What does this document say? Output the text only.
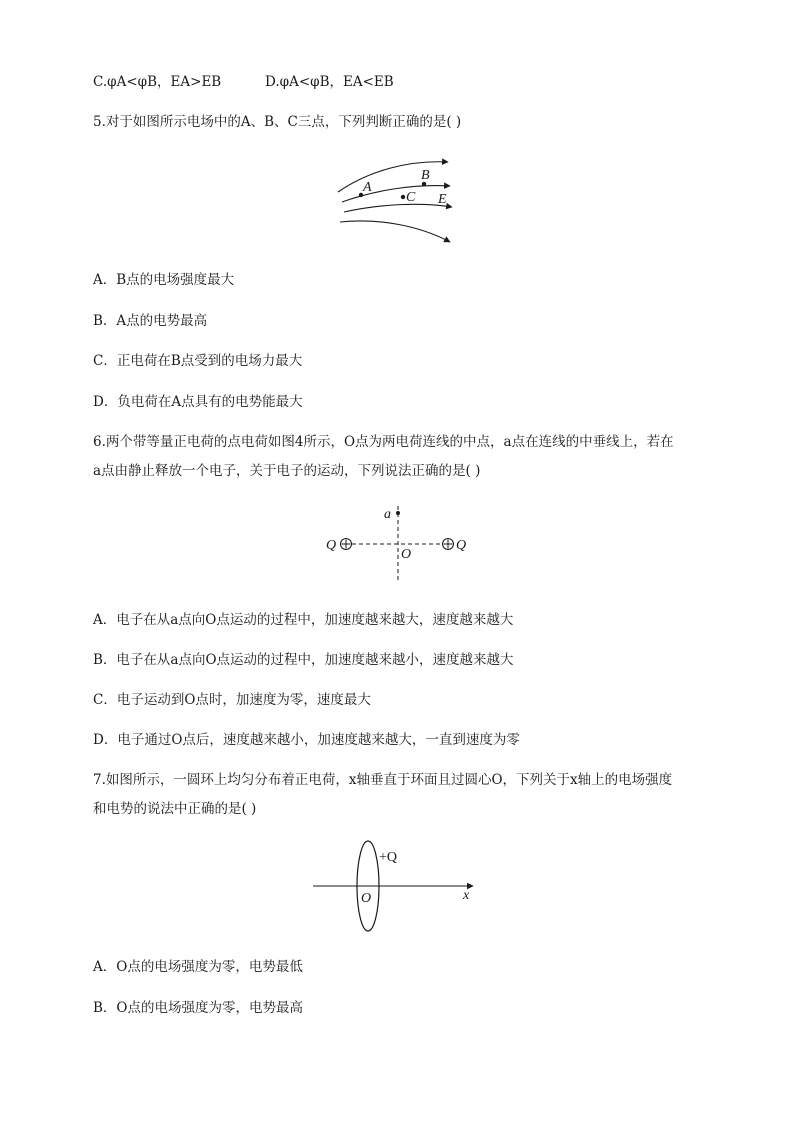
C.φA<φB，EA>EB	D.φA<φB，EA<EB
5.对于如图所示电场中的A、B、C三点，下列判断正确的是( )
A
B
C E
A．B点的电场强度最大
B．A点的电势最高
C．正电荷在B点受到的电场力最大
D．负电荷在A点具有的电势能最大
6.两个带等量正电荷的点电荷如图4所示，O点为两电荷连线的中点，a点在连线的中垂线上，若在
a点由静止释放一个电子，关于电子的运动，下列说法正确的是( )
a
Q	Q
O
A．电子在从a点向O点运动的过程中，加速度越来越大，速度越来越大
B．电子在从a点向O点运动的过程中，加速度越来越小，速度越来越大
C．电子运动到O点时，加速度为零，速度最大
D．电子通过O点后，速度越来越小，加速度越来越大，一直到速度为零
7.如图所示，一圆环上均匀分布着正电荷，x轴垂直于环面且过圆心O，下列关于x轴上的电场强度
和电势的说法中正确的是( )
+Q
O	x
A．O点的电场强度为零，电势最低
B．O点的电场强度为零，电势最高
